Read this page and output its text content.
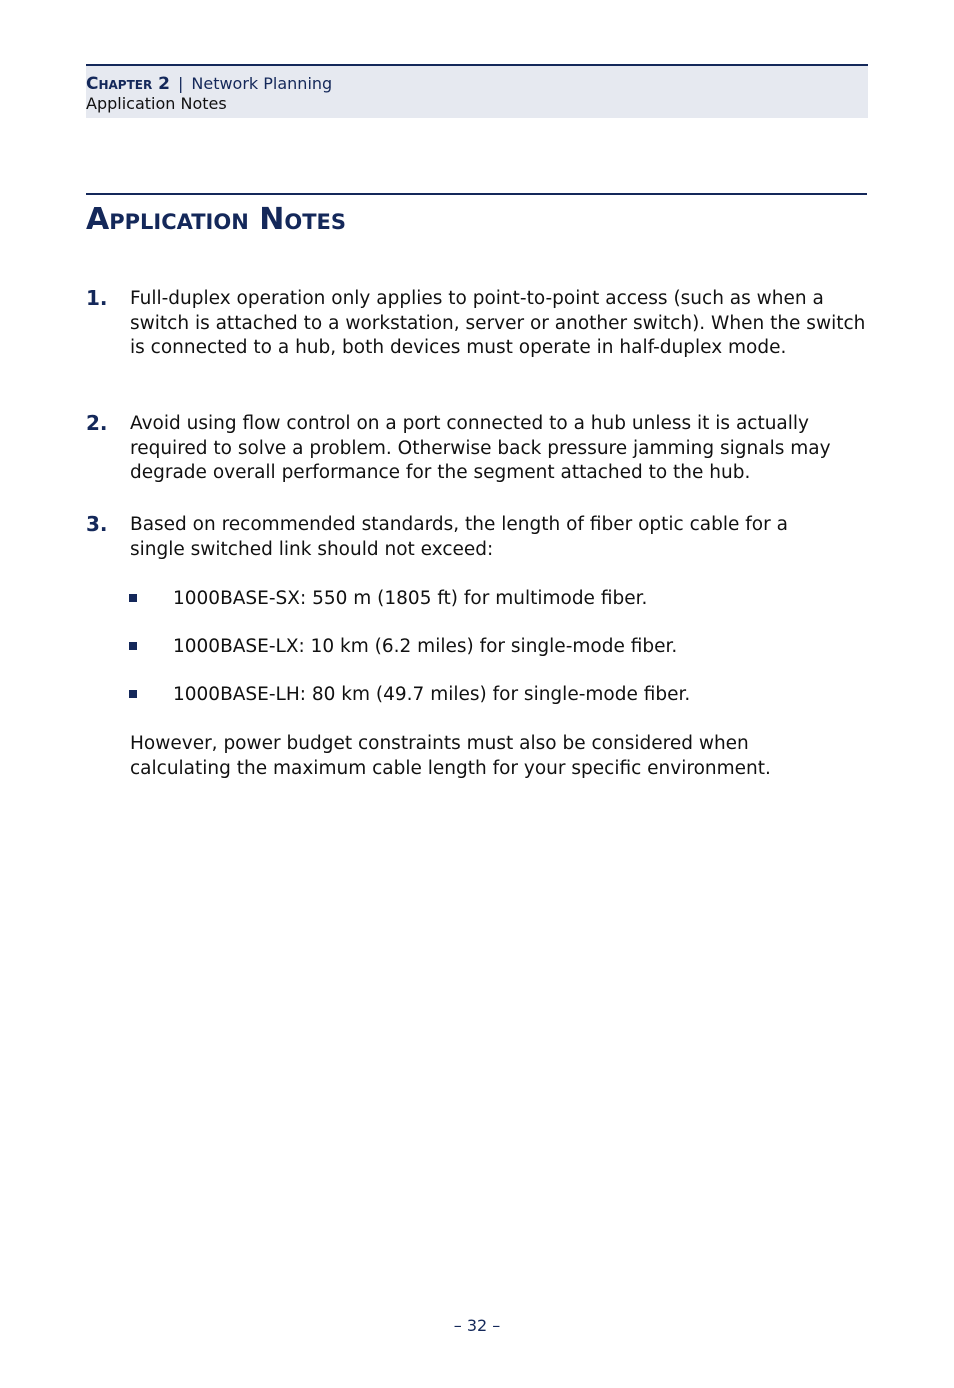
Chapter 2 | Network Planning
Application Notes
Application Notes
1. Full-duplex operation only applies to point-to-point access (such as when a switch is attached to a workstation, server or another switch). When the switch is connected to a hub, both devices must operate in half-duplex mode.
2. Avoid using flow control on a port connected to a hub unless it is actually required to solve a problem. Otherwise back pressure jamming signals may degrade overall performance for the segment attached to the hub.
3. Based on recommended standards, the length of fiber optic cable for a single switched link should not exceed:
1000BASE-SX: 550 m (1805 ft) for multimode fiber.
1000BASE-LX: 10 km (6.2 miles) for single-mode fiber.
1000BASE-LH: 80 km (49.7 miles) for single-mode fiber.
However, power budget constraints must also be considered when calculating the maximum cable length for your specific environment.
– 32 –
